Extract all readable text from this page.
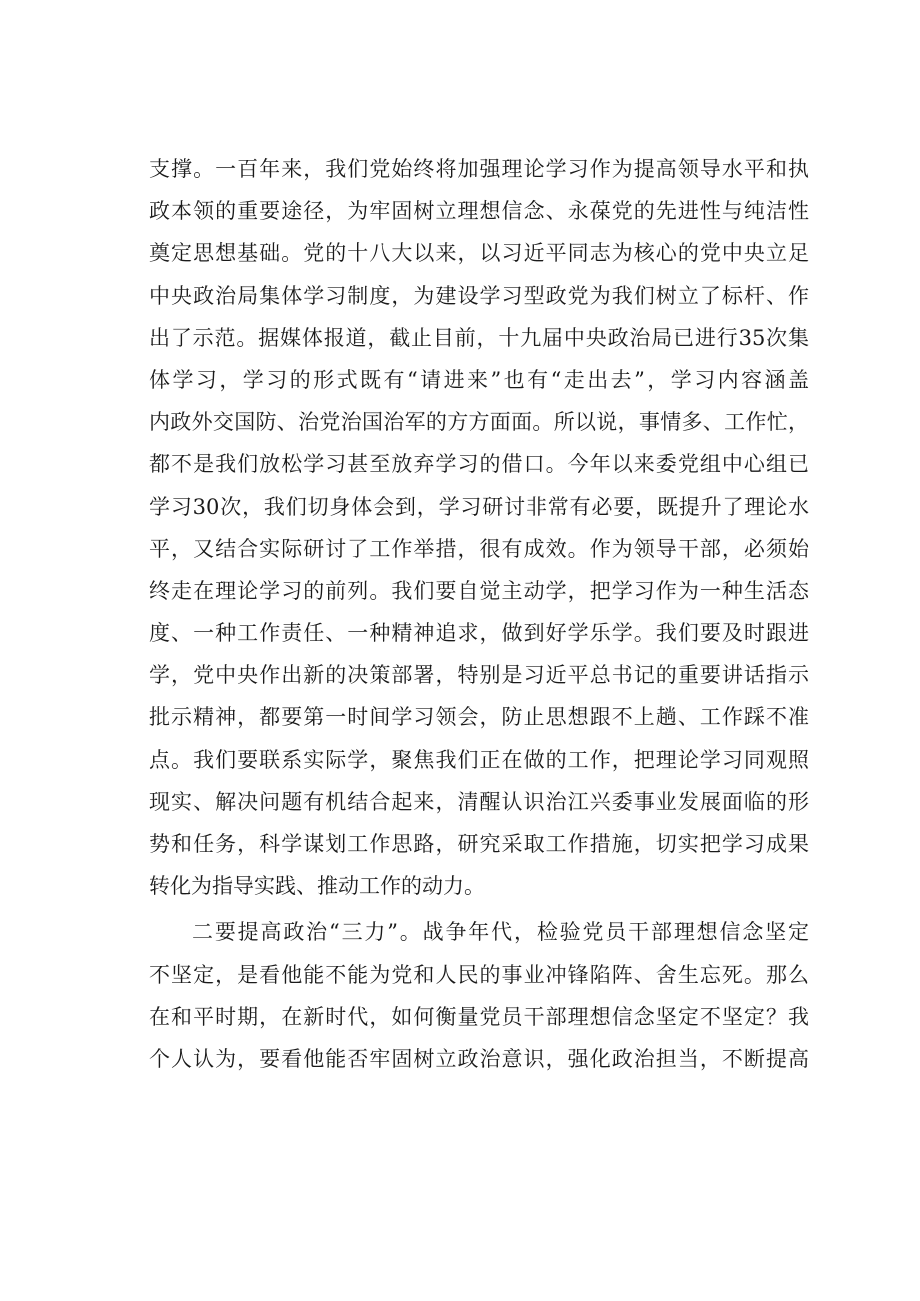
支撑。一百年来，我们党始终将加强理论学习作为提高领导水平和执
政本领的重要途径，为牢固树立理想信念、永葆党的先进性与纯洁性
奠定思想基础。党的十八大以来，以习近平同志为核心的党中央立足
中央政治局集体学习制度，为建设学习型政党为我们树立了标杆、作
出了示范。据媒体报道，截止目前，十九届中央政治局已进行35次集
体学习，学习的形式既有“请进来”也有“走出去”，学习内容涵盖
内政外交国防、治党治国治军的方方面面。所以说，事情多、工作忙，
都不是我们放松学习甚至放弃学习的借口。今年以来委党组中心组已
学习30次，我们切身体会到，学习研讨非常有必要，既提升了理论水
平，又结合实际研讨了工作举措，很有成效。作为领导干部，必须始
终走在理论学习的前列。我们要自觉主动学，把学习作为一种生活态
度、一种工作责任、一种精神追求，做到好学乐学。我们要及时跟进
学，党中央作出新的决策部署，特别是习近平总书记的重要讲话指示
批示精神，都要第一时间学习领会，防止思想跟不上趟、工作踩不准
点。我们要联系实际学，聚焦我们正在做的工作，把理论学习同观照
现实、解决问题有机结合起来，清醒认识治江兴委事业发展面临的形
势和任务，科学谋划工作思路，研究采取工作措施，切实把学习成果
转化为指导实践、推动工作的动力。
二要提高政治“三力”。战争年代，检验党员干部理想信念坚定
不坚定，是看他能不能为党和人民的事业冲锋陷阵、舍生忘死。那么
在和平时期，在新时代，如何衡量党员干部理想信念坚定不坚定？我
个人认为，要看他能否牢固树立政治意识，强化政治担当，不断提高
